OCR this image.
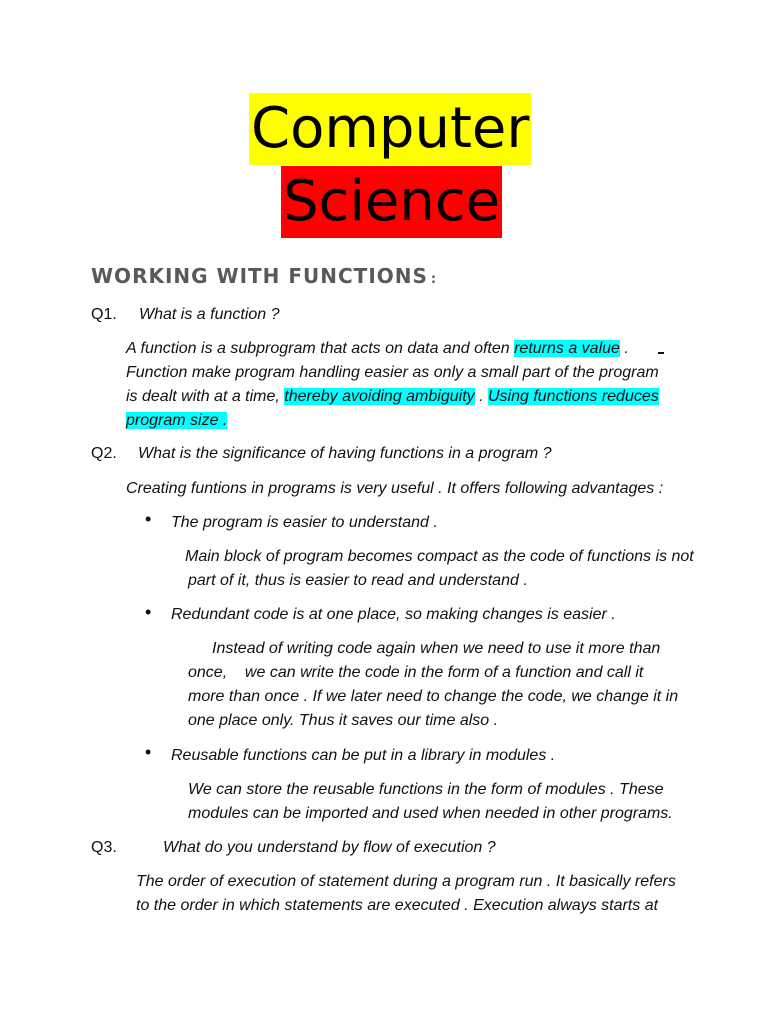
Computer
Science
WORKING WITH FUNCTIONS :
Q1. What is a function ?
A function is a subprogram that acts on data and often returns a value .
Function make program handling easier as only a small part of the program
is dealt with at a time, thereby avoiding ambiguity . Using functions reduces
program size .
Q2. What is the significance of having functions in a program ?
Creating funtions in programs is very useful . It offers following advantages :
• The program is easier to understand .
Main block of program becomes compact as the code of functions is not
part of it, thus is easier to read and understand .
• Redundant code is at one place, so making changes is easier .
Instead of writing code again when we need to use it more than
once,    we can write the code in the form of a function and call it
more than once . If we later need to change the code, we change it in
one place only. Thus it saves our time also .
• Reusable functions can be put in a library in modules .
We can store the reusable functions in the form of modules . These
modules can be imported and used when needed in other programs.
Q3.	What do you understand by flow of execution ?
The order of execution of statement during a program run . It basically refers
to the order in which statements are executed . Execution always starts at
